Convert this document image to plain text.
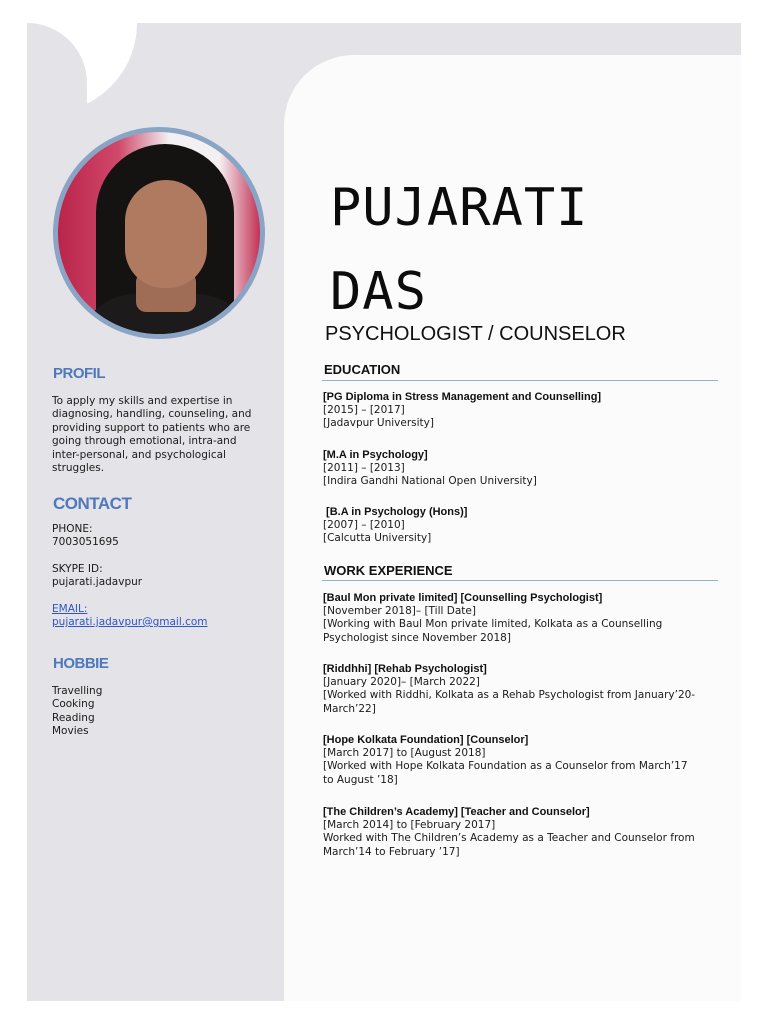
PROFIL

To apply my skills and expertise in diagnosing, handling, counseling, and providing support to patients who are going through emotional, intra-and inter-personal, and psychological struggles.

CONTACT

PHONE:

7003051695

SKYPE ID:

pujarati.jadavpur

EMAIL:

pujarati.jadavpur@gmail.com

HOBBIE

Travelling

Cooking

Reading

Movies

PUJARATI
DAS
PSYCHOLOGIST / COUNSELOR
EDUCATION

[PG Diploma in Stress Management and Counselling]

[2015] – [2017]

[Jadavpur University]

[M.A in Psychology]

[2011] – [2013]

[Indira Gandhi National Open University]

[B.A in Psychology (Hons)]

[2007] – [2010]

[Calcutta University]

WORK EXPERIENCE

[Baul Mon private limited] [Counselling Psychologist]

[November 2018]– [Till Date]

[Working with Baul Mon private limited, Kolkata as a Counselling

Psychologist since November 2018]

[Riddhhi] [Rehab Psychologist]

[January 2020]– [March 2022]

[Worked with Riddhi, Kolkata as a Rehab Psychologist from January’20-

March’22]

[Hope Kolkata Foundation] [Counselor]

[March 2017] to [August 2018]

[Worked with Hope Kolkata Foundation as a Counselor from March’17

to August ’18]

[The Children’s Academy] [Teacher and Counselor]

[March 2014] to [February 2017]

Worked with The Children’s Academy as a Teacher and Counselor from

March’14 to February ’17]
